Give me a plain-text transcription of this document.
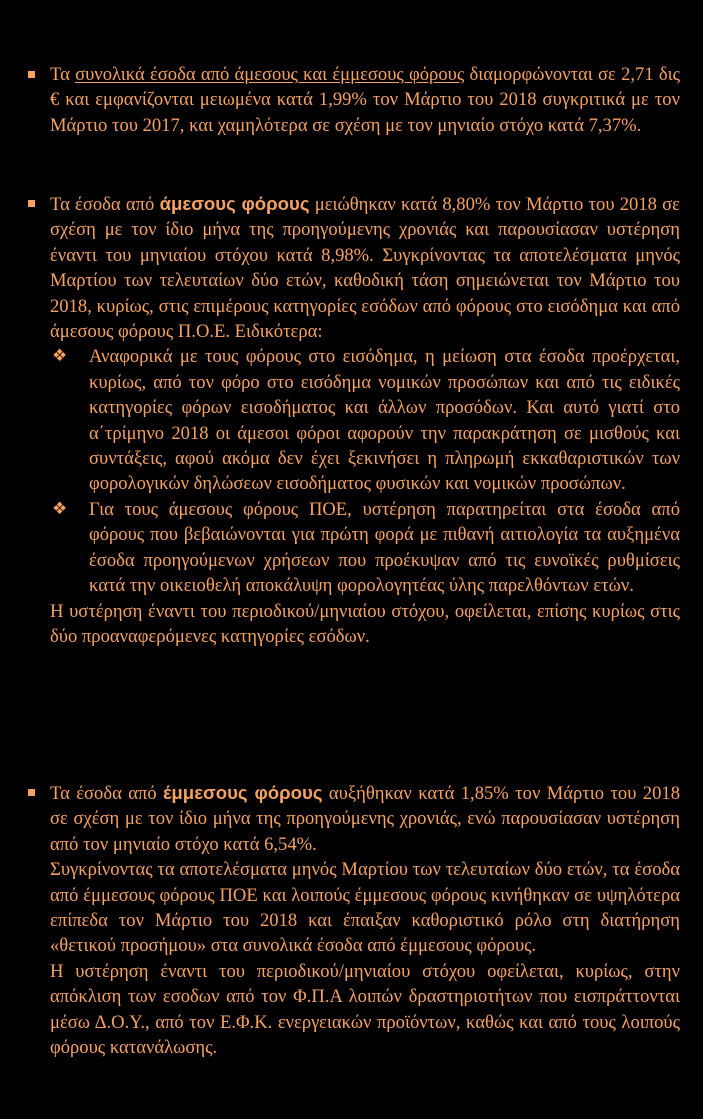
Τα συνολικά έσοδα από άμεσους και έμμεσους φόρους διαμορφώνονται σε 2,71 δις € και εμφανίζονται μειωμένα κατά 1,99% τον Μάρτιο του 2018 συγκριτικά με τον Μάρτιο του 2017, και χαμηλότερα σε σχέση με τον μηνιαίο στόχο κατά 7,37%.

Τα έσοδα από άμεσους φόρους μειώθηκαν κατά 8,80% τον Μάρτιο του 2018 σε σχέση με τον ίδιο μήνα της προηγούμενης χρονιάς και παρουσίασαν υστέρηση έναντι του μηνιαίου στόχου κατά 8,98%. Συγκρίνοντας τα αποτελέσματα μηνός Μαρτίου των τελευταίων δύο ετών, καθοδική τάση σημειώνεται τον Μάρτιο του 2018, κυρίως, στις επιμέρους κατηγορίες εσόδων από φόρους στο εισόδημα και από άμεσους φόρους Π.Ο.Ε. Ειδικότερα:

❖ Αναφορικά με τους φόρους στο εισόδημα, η μείωση στα έσοδα προέρχεται, κυρίως, από τον φόρο στο εισόδημα νομικών προσώπων και από τις ειδικές κατηγορίες φόρων εισοδήματος και άλλων προσόδων. Και αυτό γιατί στο α΄τρίμηνο 2018 οι άμεσοι φόροι αφορούν την παρακράτηση σε μισθούς και συντάξεις, αφού ακόμα δεν έχει ξεκινήσει η πληρωμή εκκαθαριστικών των φορολογικών δηλώσεων εισοδήματος φυσικών και νομικών προσώπων.

❖ Για τους άμεσους φόρους ΠΟΕ, υστέρηση παρατηρείται στα έσοδα από φόρους που βεβαιώνονται για πρώτη φορά με πιθανή αιτιολογία τα αυξημένα έσοδα προηγούμενων χρήσεων που προέκυψαν από τις ευνοϊκές ρυθμίσεις κατά την οικειοθελή αποκάλυψη φορολογητέας ύλης παρελθόντων ετών.

Η υστέρηση έναντι του περιοδικού/μηνιαίου στόχου, οφείλεται, επίσης κυρίως στις δύο προαναφερόμενες κατηγορίες εσόδων.

Τα έσοδα από έμμεσους φόρους αυξήθηκαν κατά 1,85% τον Μάρτιο του 2018 σε σχέση με τον ίδιο μήνα της προηγούμενης χρονιάς, ενώ παρουσίασαν υστέρηση από τον μηνιαίο στόχο κατά 6,54%.

Συγκρίνοντας τα αποτελέσματα μηνός Μαρτίου των τελευταίων δύο ετών, τα έσοδα από έμμεσους φόρους ΠΟΕ και λοιπούς έμμεσους φόρους κινήθηκαν σε υψηλότερα επίπεδα τον Μάρτιο του 2018 και έπαιξαν καθοριστικό ρόλο στη διατήρηση «θετικού προσήμου» στα συνολικά έσοδα από έμμεσους φόρους.

Η υστέρηση έναντι του περιοδικού/μηνιαίου στόχου οφείλεται, κυρίως, στην απόκλιση των εσοδων από τον Φ.Π.Α λοιπών δραστηριοτήτων που εισπράττονται μέσω Δ.Ο.Υ., από τον Ε.Φ.Κ. ενεργειακών προϊόντων, καθώς και από τους λοιπούς φόρους κατανάλωσης.
